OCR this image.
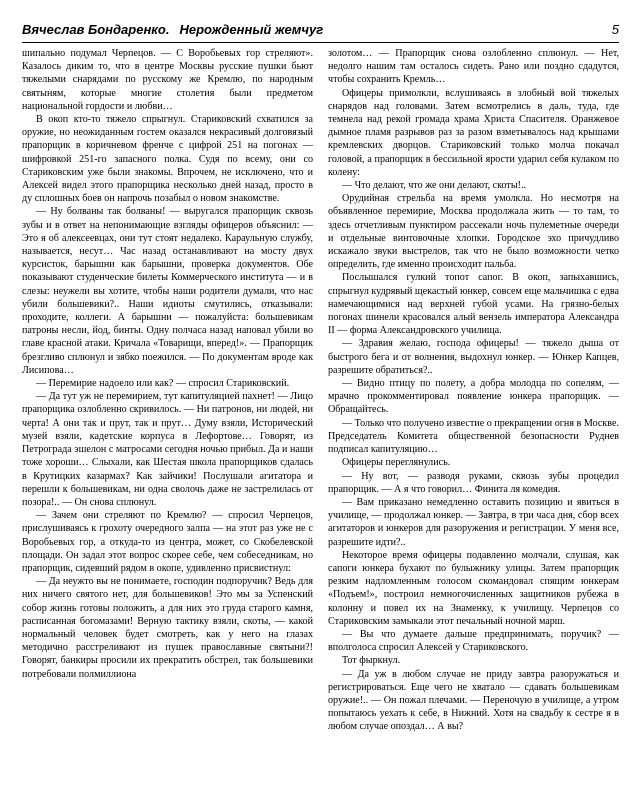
Вячеслав Бондаренко. Нерожденный жемчуг	5

шипально подумал Черпецов. — С Воробьевых гор стреляют». Казалось диким то, что в центре Москвы русские пушки бьют тяжелыми снарядами по русскому же Кремлю, по народным святыням, которые многие столетия были предметом национальной гордости и любви…

В окоп кто-то тяжело спрыгнул. Стариковский схватился за оружие, но неожиданным гостем оказался некрасивый долговязый прапорщик в коричневом френче с цифрой 251 на погонах — шифровкой 251-го запасного полка. Судя по всему, они со Стариковским уже были знакомы. Впрочем, не исключено, что и Алексей видел этого прапорщика несколько дней назад, просто в ду сплошных боев он напрочь позабыл о новом знакомстве.

— Ну болваны так болваны! — выругался прапорщик сквозь зубы и в ответ на непонимающие взгляды офицеров объяснил: — Это я об алексеевцах, они тут стоят недалеко. Караульную службу, называется, несут… Час назад останавливают на мосту двух курсисток, барышни как барышни, проверка документов. Обе показывают студенческие билеты Коммерческого института — и в слезы: неужели вы хотите, чтобы наши родители думали, что нас убили большевики?.. Наши идиоты смутились, отказывали: проходите, коллеги. А барышни — пожалуйста: большевикам патроны несли, йод, бинты. Одну полчаса назад наповал убили во главе красной атаки. Кричала «Товарищи, вперед!». — Прапорщик брезгливо сплюнул и зябко поежился. — По документам вроде как Лисипова…

— Перемирие надоело или как? — спросил Стариковский.

— Да тут уж не перемирием, тут капитуляцией пахнет! — Лицо прапорщика озлобленно скривилось. — Ни патронов, ни людей, ни черта! А они так и прут, так и прут… Думу взяли, Исторический музей взяли, кадетские корпуса в Лефортове… Говорят, из Петрограда эшелон с матросами сегодня ночью прибыл. Да и наши тоже хороши… Слыхали, как Шестая школа прапорщиков сдалась в Крутицких казармах? Как зайчики! Послушали агитатора и перешли к большевикам, ни одна сволочь даже не застрелилась от позора!.. — Он снова сплюнул.

— Зачем они стреляют по Кремлю? — спросил Черпецов, прислушиваясь к грохоту очередного залпа — на этот раз уже не с Воробьевых гор, а откуда-то из центра, может, со Скобелевской площади. Он задал этот вопрос скорее себе, чем собеседникам, но прапорщик, сидевший рядом в окопе, удивленно присвистнул:

— Да неужто вы не понимаете, господин подпоручик? Ведь для них ничего святого нет, для большевиков! Это мы за Успенский собор жизнь готовы положить, а для них это груда старого камня, расписанная богомазами! Верную тактику взяли, скоты, — какой нормальный человек будет смотреть, как у него на глазах методично расстреливают из пушек православные святыни?! Говорят, банкиры просили их прекратить обстрел, так большевики потребовали полмиллиона

золотом… — Прапорщик снова озлобленно сплюнул. — Нет, недолго нашим там осталось сидеть. Рано или поздно сдадутся, чтобы сохранить Кремль…

Офицеры примолкли, вслушиваясь в злобный вой тяжелых снарядов над головами. Затем всмотрелись в даль, туда, где темнела над рекой громада храма Христа Спасителя. Оранжевое дымное пламя разрывов раз за разом взметывалось над крышами кремлевских дворцов. Стариковский только молча покачал головой, а прапорщик в бессильной ярости ударил себя кулаком по колену:

— Что делают, что же они делают, скоты!..

Орудийная стрельба на время умолкла. Но несмотря на объявленное перемирие, Москва продолжала жить — то там, то здесь отчетливым пунктиром рассекали ночь пулеметные очереди и отдельные винтовочные хлопки. Городское эхо причудливо искажало звуки выстрелов, так что не было возможности четко определить, где именно происходит пальба.

Послышался гулкий топот сапог. В окоп, запыхавшись, спрыгнул кудрявый щекастый юнкер, совсем еще мальчишка с едва намечающимися над верхней губой усами. На грязно-белых погонах шинели красовался алый вензель императора Александра II — форма Александровского училища.

— Здравия желаю, господа офицеры! — тяжело дыша от быстрого бега и от волнения, выдохнул юнкер. — Юнкер Капцев, разрешите обратиться?..

— Видно птицу по полету, а добра молодца по сопелям, — мрачно прокомментировал появление юнкера прапорщик. — Обращайтесь.

— Только что получено известие о прекращении огня в Москве. Председатель Комитета общественной безопасности Руднев подписал капитуляцию…

Офицеры переглянулись.

— Ну вот, — разводя руками, сквозь зубы процедил прапорщик. — А я что говорил… Финита ля комедия.

— Вам приказано немедленно оставить позицию и явиться в училище, — продолжал юнкер. — Завтра, в три часа дня, сбор всех агитаторов и юнкеров для разоружения и регистрации. У меня все, разрешите идти?..

Некоторое время офицеры подавленно молчали, слушая, как сапоги юнкера бухают по булыжнику улицы. Затем прапорщик резким надломленным голосом скомандовал спящим юнкерам «Подъем!», построил немногочисленных защитников рубежа в колонну и повел их на Знаменку, к училищу. Черпецов со Стариковским замыкали этот печальный ночной марш.

— Вы что думаете дальше предпринимать, поручик? — вполголоса спросил Алексей у Стариковского.

Тот фыркнул.

— Да уж в любом случае не приду завтра разоружаться и регистрироваться. Еще чего не хватало — сдавать большевикам оружие!.. — Он пожал плечами. — Переночую в училище, а утром попытаюсь уехать к себе, в Нижний. Хотя на свадьбу к сестре я в любом случае опоздал… А вы?
